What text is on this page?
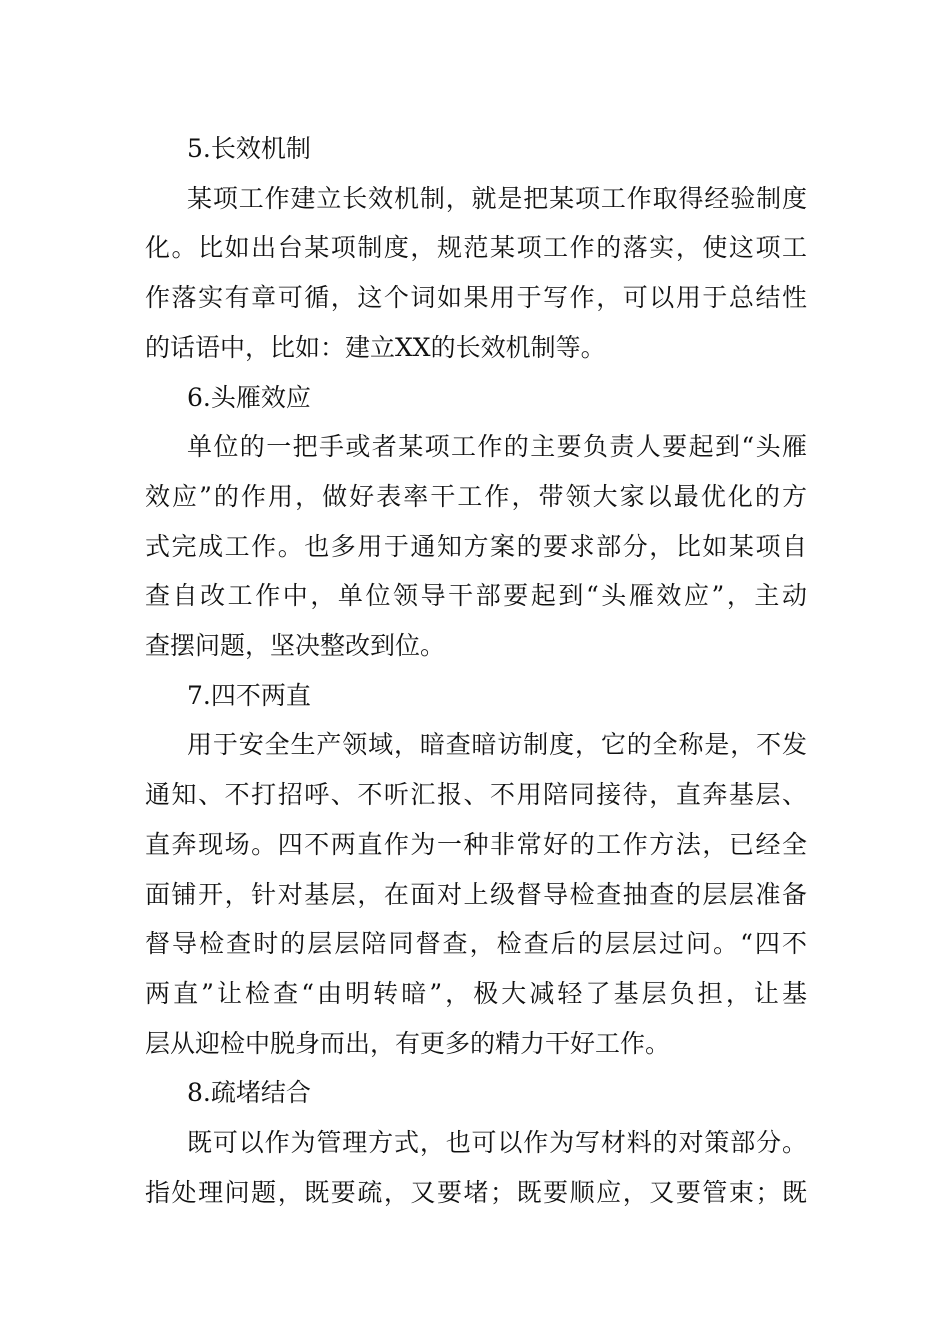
5.长效机制

某项工作建立长效机制，就是把某项工作取得经验制度
化。比如出台某项制度，规范某项工作的落实，使这项工
作落实有章可循，这个词如果用于写作，可以用于总结性
的话语中，比如：建立XX的长效机制等。

6.头雁效应

单位的一把手或者某项工作的主要负责人要起到“头雁
效应”的作用，做好表率干工作，带领大家以最优化的方
式完成工作。也多用于通知方案的要求部分，比如某项自
查自改工作中，单位领导干部要起到“头雁效应”，主动
查摆问题，坚决整改到位。

7.四不两直

用于安全生产领域，暗查暗访制度，它的全称是，不发
通知、不打招呼、不听汇报、不用陪同接待，直奔基层、
直奔现场。四不两直作为一种非常好的工作方法，已经全
面铺开，针对基层，在面对上级督导检查抽查的层层准备
督导检查时的层层陪同督查，检查后的层层过问。“四不
两直”让检查“由明转暗”，极大减轻了基层负担，让基
层从迎检中脱身而出，有更多的精力干好工作。

8.疏堵结合

既可以作为管理方式，也可以作为写材料的对策部分。
指处理问题，既要疏，又要堵；既要顺应，又要管束；既
